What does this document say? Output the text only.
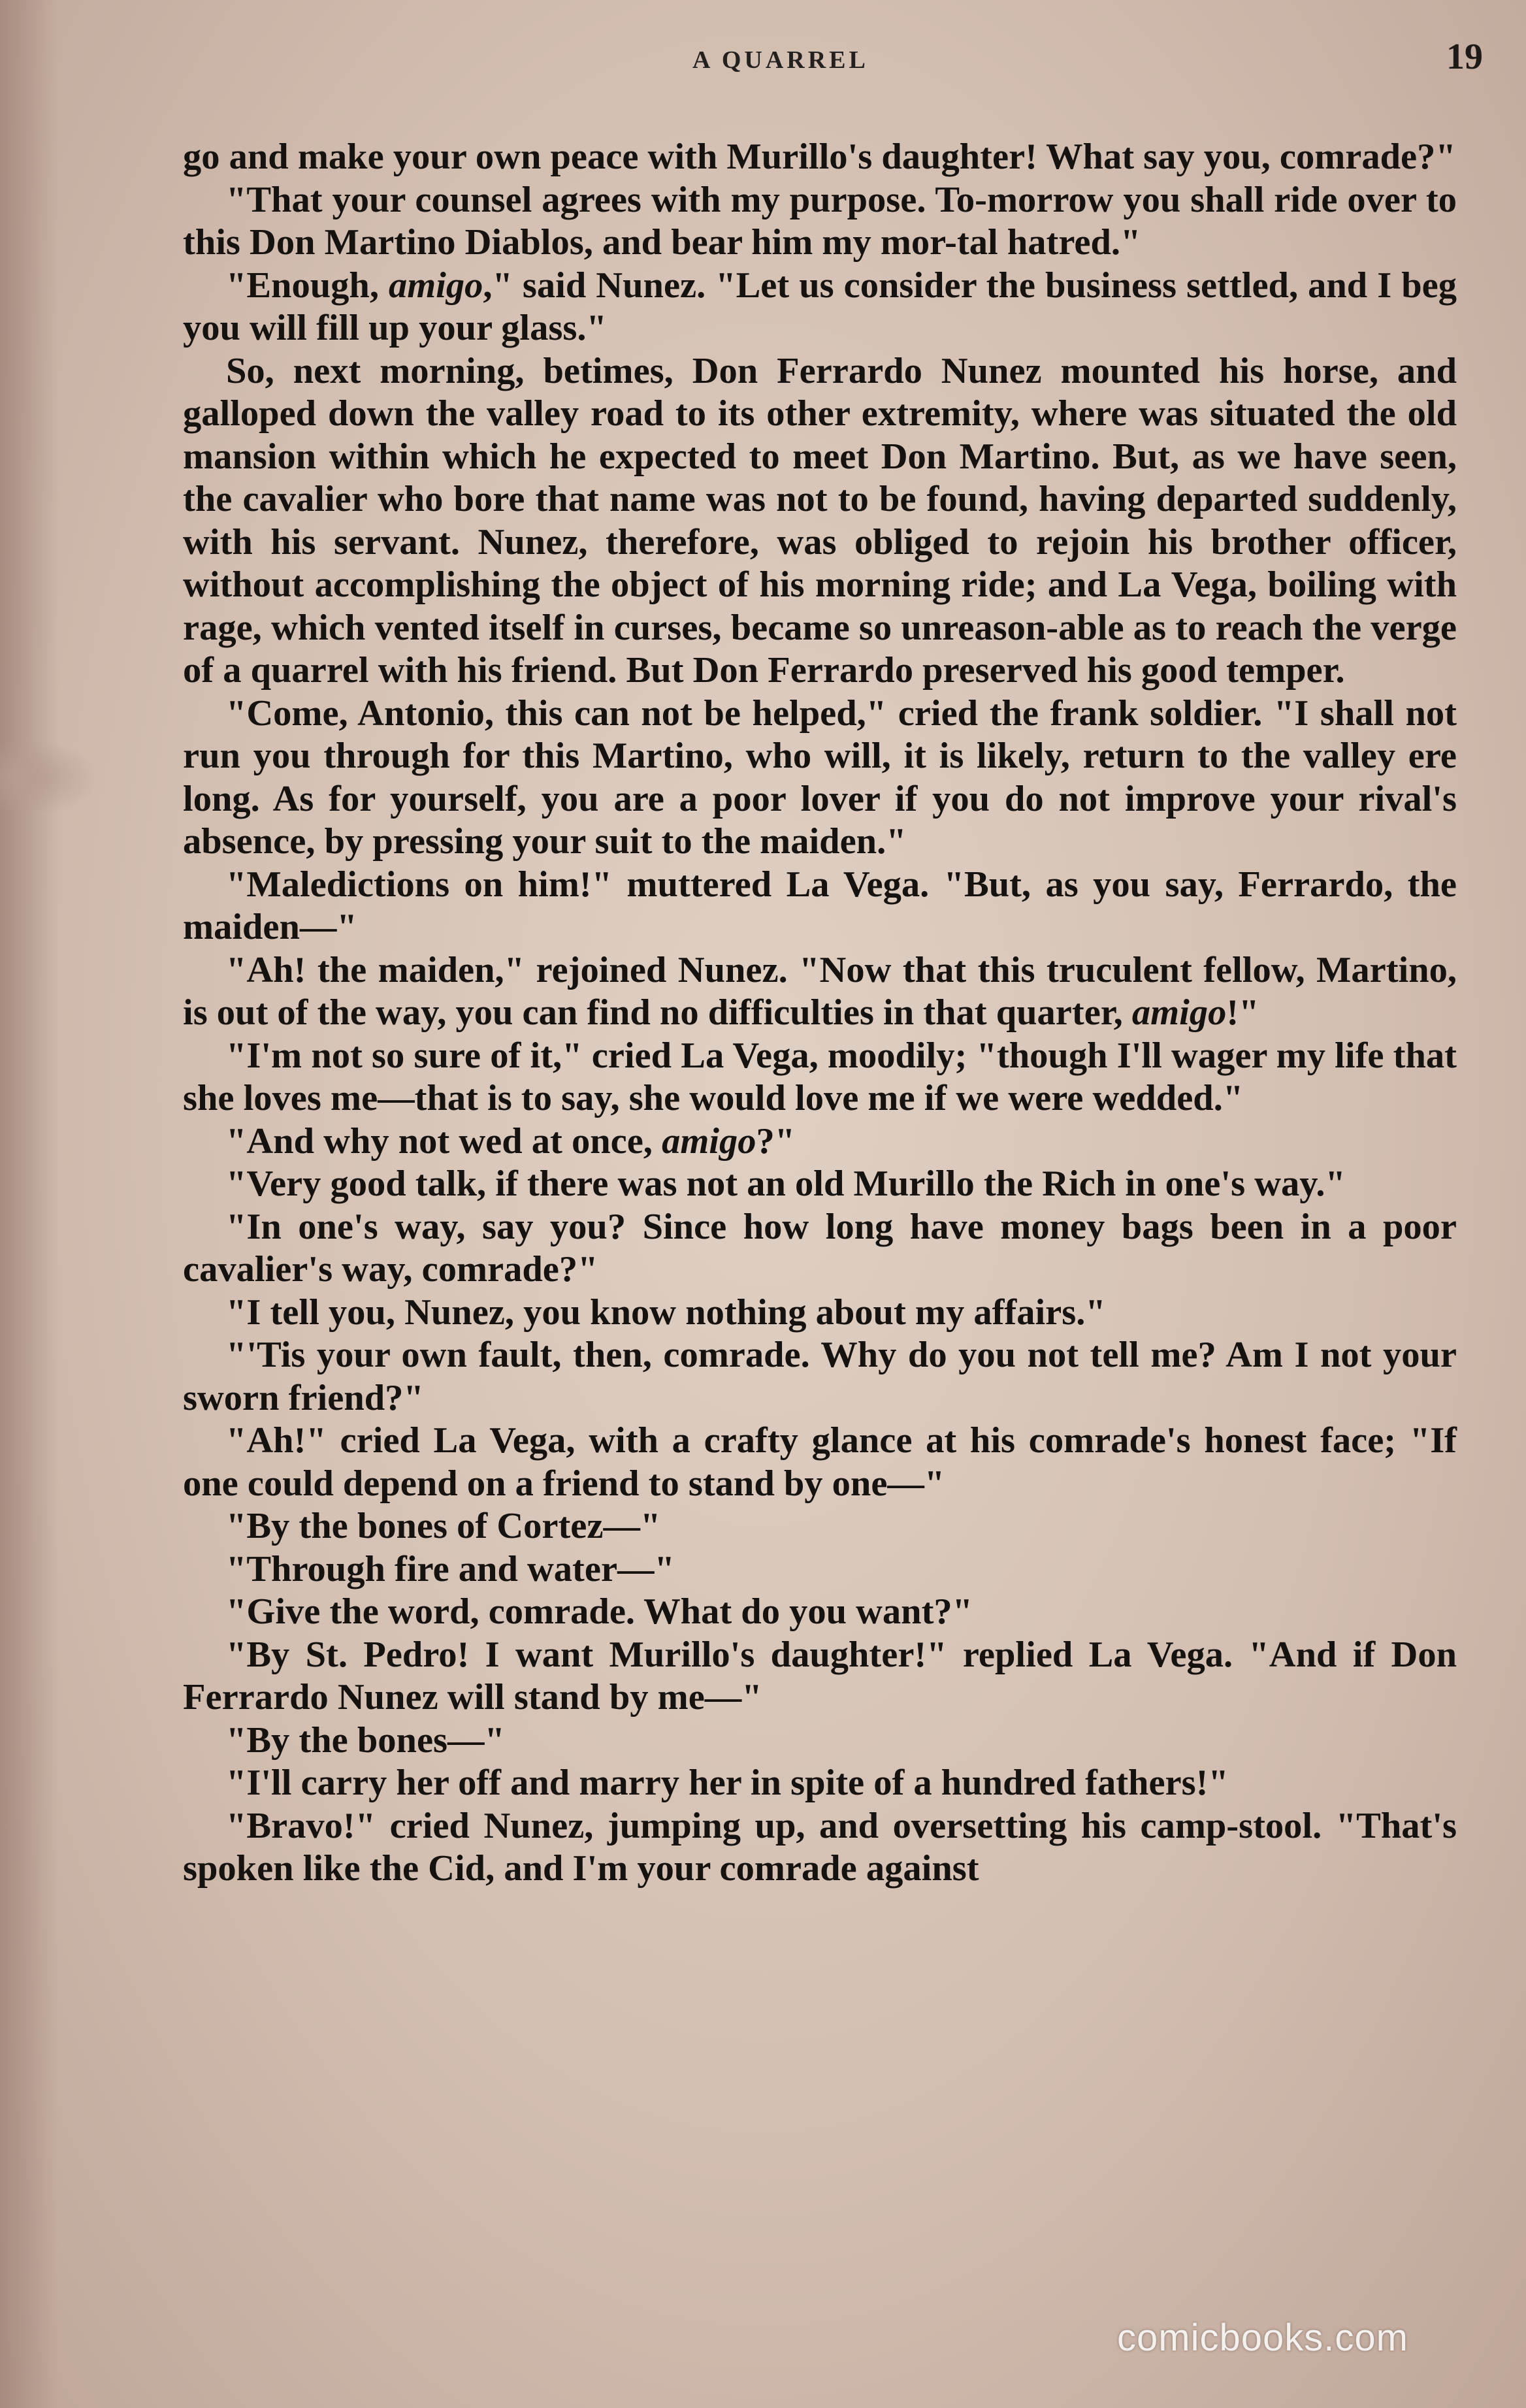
A QUARREL	19

go and make your own peace with Murillo's daughter! What say you, comrade?"

"That your counsel agrees with my purpose. To-morrow you shall ride over to this Don Martino Diablos, and bear him my mor-tal hatred."

"Enough, amigo," said Nunez. "Let us consider the business settled, and I beg you will fill up your glass."

So, next morning, betimes, Don Ferrardo Nunez mounted his horse, and galloped down the valley road to its other extremity, where was situated the old mansion within which he expected to meet Don Martino. But, as we have seen, the cavalier who bore that name was not to be found, having departed suddenly, with his servant. Nunez, therefore, was obliged to rejoin his brother officer, without accomplishing the object of his morning ride; and La Vega, boiling with rage, which vented itself in curses, became so unreason-able as to reach the verge of a quarrel with his friend. But Don Ferrardo preserved his good temper.

"Come, Antonio, this can not be helped," cried the frank soldier. "I shall not run you through for this Martino, who will, it is likely, return to the valley ere long. As for yourself, you are a poor lover if you do not improve your rival's absence, by pressing your suit to the maiden."

"Maledictions on him!" muttered La Vega. "But, as you say, Ferrardo, the maiden—"

"Ah! the maiden," rejoined Nunez. "Now that this truculent fellow, Martino, is out of the way, you can find no difficulties in that quarter, amigo!"

"I'm not so sure of it," cried La Vega, moodily; "though I'll wager my life that she loves me—that is to say, she would love me if we were wedded."

"And why not wed at once, amigo?"

"Very good talk, if there was not an old Murillo the Rich in one's way."

"In one's way, say you? Since how long have money bags been in a poor cavalier's way, comrade?"

"I tell you, Nunez, you know nothing about my affairs."

"'Tis your own fault, then, comrade. Why do you not tell me? Am I not your sworn friend?"

"Ah!" cried La Vega, with a crafty glance at his comrade's honest face; "If one could depend on a friend to stand by one—"

"By the bones of Cortez—"

"Through fire and water—"

"Give the word, comrade. What do you want?"

"By St. Pedro! I want Murillo's daughter!" replied La Vega. "And if Don Ferrardo Nunez will stand by me—"

"By the bones—"

"I'll carry her off and marry her in spite of a hundred fathers!"

"Bravo!" cried Nunez, jumping up, and oversetting his camp-stool. "That's spoken like the Cid, and I'm your comrade against

comicbooks.com
